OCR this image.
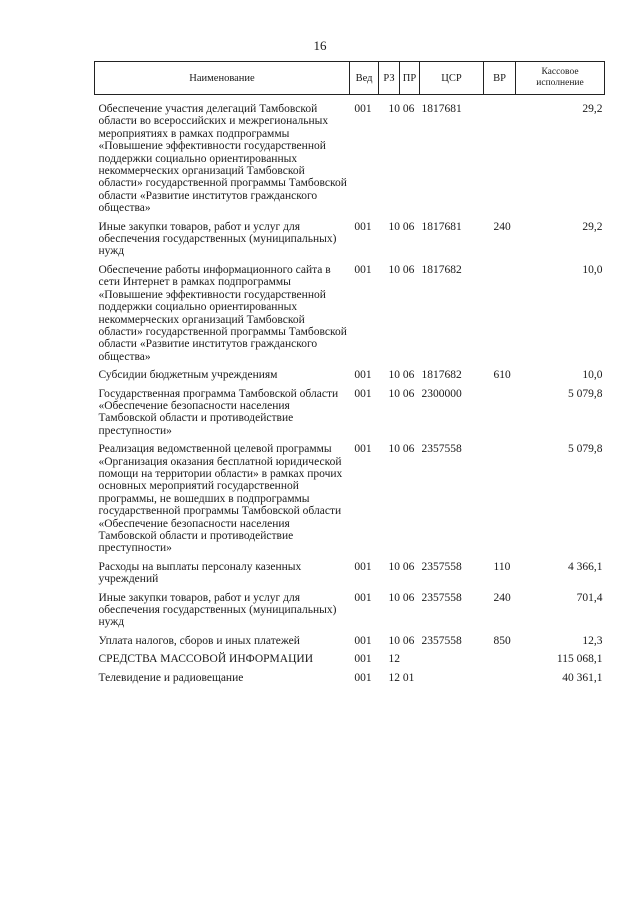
16
Наименование	Вед	РЗ	ПР	ЦСР	ВР	Кассовое исполнение
Обеспечение участия делегаций Тамбовской области во всероссийских и межрегиональных мероприятиях в рамках подпрограммы «Повышение эффективности государственной поддержки социально ориентированных некоммерческих организаций Тамбовской области» государственной программы Тамбовской области «Развитие институтов гражданского общества»	001	10 06		1817681		29,2
Иные закупки товаров, работ и услуг для обеспечения государственных (муниципальных) нужд	001	10 06		1817681	240	29,2
Обеспечение работы информационного сайта в сети Интернет в рамках подпрограммы «Повышение эффективности государственной поддержки социально ориентированных некоммерческих организаций Тамбовской области» государственной программы Тамбовской области «Развитие институтов гражданского общества»	001	10 06		1817682		10,0
Субсидии бюджетным учреждениям	001	10 06		1817682	610	10,0
Государственная программа Тамбовской области «Обеспечение безопасности населения Тамбовской области и противодействие преступности»	001	10 06		2300000		5 079,8
Реализация ведомственной целевой программы «Организация оказания бесплатной юридической помощи на территории области» в рамках прочих основных мероприятий государственной программы, не вошедших в подпрограммы государственной программы Тамбовской области «Обеспечение безопасности населения Тамбовской области и противодействие преступности»	001	10 06		2357558		5 079,8
Расходы на выплаты персоналу казенных учреждений	001	10 06		2357558	110	4 366,1
Иные закупки товаров, работ и услуг для обеспечения государственных (муниципальных) нужд	001	10 06		2357558	240	701,4
Уплата налогов, сборов и иных платежей	001	10 06		2357558	850	12,3
СРЕДСТВА МАССОВОЙ ИНФОРМАЦИИ	001	12				115 068,1
Телевидение и радиовещание	001	12 01				40 361,1
